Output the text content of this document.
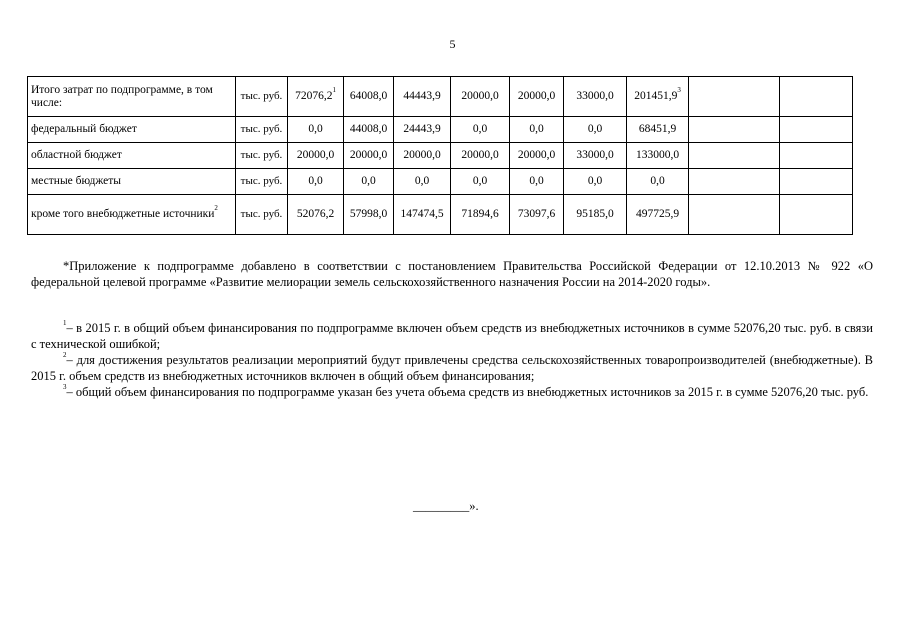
5
Итого затрат по подпрограмме, в том числе:	тыс. руб.	72076,2$^1$	64008,0	44443,9	20000,0	20000,0	33000,0	201451,9$^3$		
федеральный бюджет	тыс. руб.	0,0	44008,0	24443,9	0,0	0,0	0,0	68451,9		
областной бюджет	тыс. руб.	20000,0	20000,0	20000,0	20000,0	20000,0	33000,0	133000,0		
местные бюджеты	тыс. руб.	0,0	0,0	0,0	0,0	0,0	0,0	0,0		
кроме того внебюджетные источники$^2$	тыс. руб.	52076,2	57998,0	147474,5	71894,6	73097,6	95185,0	497725,9		

*Приложение к подпрограмме добавлено в соответствии с постановлением Правительства Российской Федерации от 12.10.2013 № 922 «О федеральной целевой программе «Развитие мелиорации земель сельскохозяйственного назначения России на 2014-2020 годы».

$^1$– в 2015 г. в общий объем финансирования по подпрограмме включен объем средств из внебюджетных источников в сумме 52076,20 тыс. руб. в связи с технической ошибкой;

$^2$– для достижения результатов реализации мероприятий будут привлечены средства сельскохозяйственных товаропроизводителей (внебюджетные). В 2015 г. объем средств из внебюджетных источников включен в общий объем финансирования;

$^3$– общий объем финансирования по подпрограмме указан без учета объема средств из внебюджетных источников за 2015 г. в сумме 52076,20 тыс. руб.

_________».
